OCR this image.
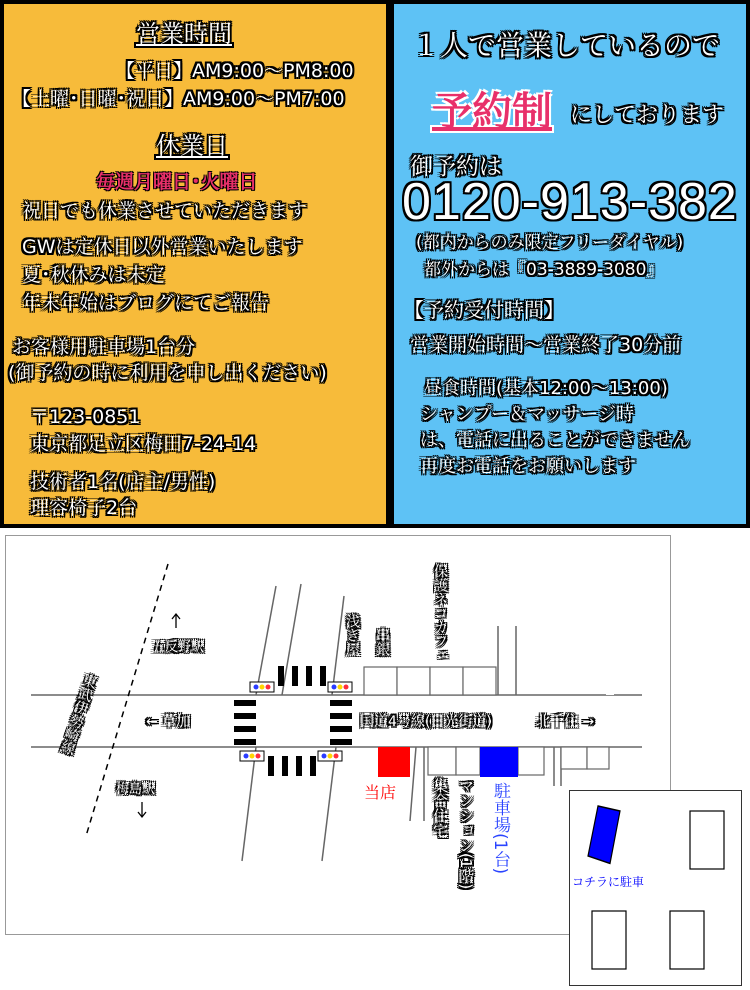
営業時間
【平日】AM9:00～PM8:00
【土曜･日曜･祝日】AM9:00～PM7:00
休業日
毎週月曜日･火曜日
祝日でも休業させていただきます
GWは定休日以外営業いたします
夏･秋休みは未定
年末年始はブログにてご報告
お客様用駐車場1台分
(御予約の時に利用を申し出ください)
〒123-0851
東京都足立区梅田7-24-14
技術者1名(店主/男性)
理容椅子2台
１人で営業しているので
予約制 にしております
御予約は
0120-913-382
(都内からのみ限定フリーダイヤル)
都外からは『03-3889-3080』
【予約受付時間】
営業開始時間～営業終了30分前
昼食時間(基本12:00～13:00)
シャンプー＆マッサージ時
は、電話に出ることができません
再度お電話をお願いします
五反野駅
梅島駅
← 草加	北千住 →
国道4号線(日光街道)
東武伊勢崎線
浅き屋 串銀	保護ネコカフェ
当店 集合住宅 マンション(1階) 駐車場(1台)
コチラに駐車
